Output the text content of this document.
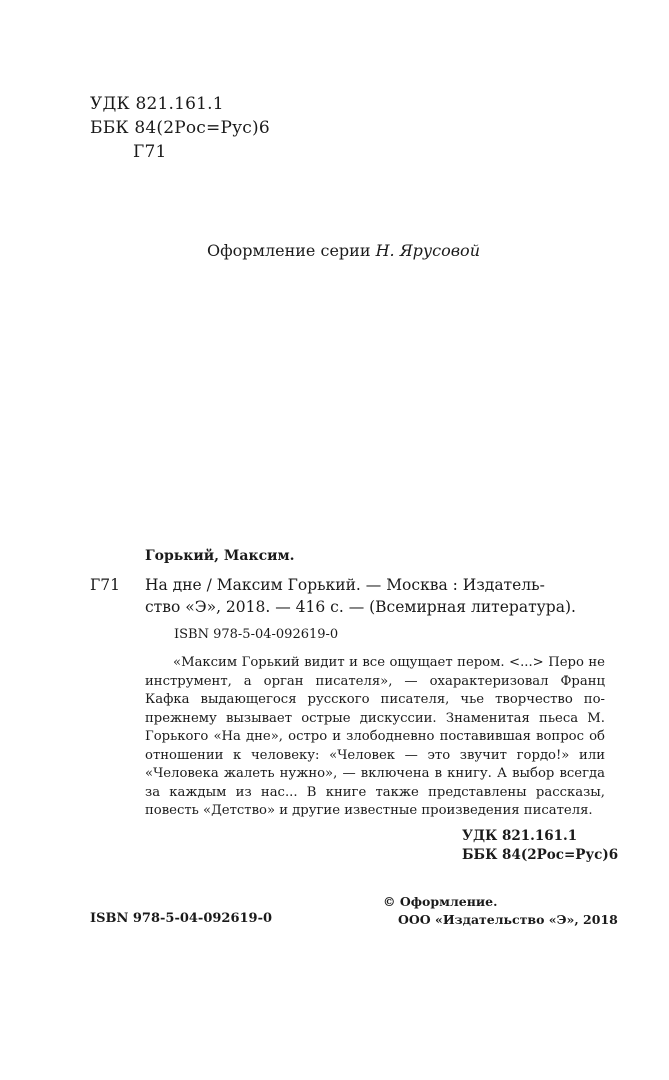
УДК 821.161.1
ББК 84(2Рос=Рус)6
Г71
Оформление серии Н. Ярусовой
Горький, Максим.
Г71 На дне / Максим Горький. — Москва : Издатель-
ство «Э», 2018. — 416 с. — (Всемирная литература).
ISBN 978-5-04-092619-0

«Максим Горький видит и все ощущает пером. <...> Перо не инструмент, а орган писателя», — охарактеризовал Франц Кафка выдающегося русского писателя, чье творчество по-прежнему вызывает острые дискуссии. Знаменитая пьеса М. Горького «На дне», остро и злободневно поставившая вопрос об отношении к человеку: «Человек — это звучит гордо!» или «Человека жалеть нужно», — включена в книгу. А выбор всегда за каждым из нас... В книге также представлены рассказы, повесть «Детство» и другие известные произведения писателя.

УДК 821.161.1
ББК 84(2Рос=Рус)6
© Оформление.
ООО «Издательство «Э», 2018
ISBN 978-5-04-092619-0
